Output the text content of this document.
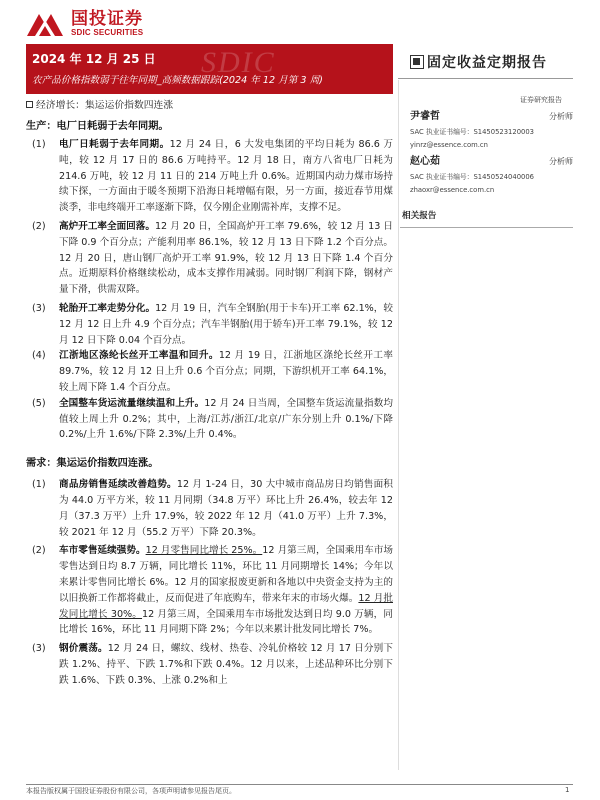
国投证券
SDIC SECURITIES
SDIC
2024 年 12 月 25 日
农产品价格指数弱于往年同期_高频数据跟踪(2024 年 12 月第 3 周)
固定收益定期报告
证券研究报告
尹睿哲	分析师
SAC 执业证书编号：S1450523120003
yinrz@essence.com.cn
赵心茹	分析师
SAC 执业证书编号：S1450524040006
zhaoxr@essence.com.cn
相关报告
经济增长：集运运价指数四连涨
生产：电厂日耗弱于去年同期。
(1)	电厂日耗弱于去年同期。12 月 24 日，6 大发电集团的平均日耗为 86.6 万吨，较 12 月 17 日的 86.6 万吨持平。12 月 18 日，南方八省电厂日耗为 214.6 万吨，较 12 月 11 日的 214 万吨上升 0.6%。近期国内动力煤市场持续下探，一方面由于暖冬预期下沿海日耗增幅有限，另一方面，接近春节用煤淡季，非电终端开工率逐渐下降，仅今刚企业刚需补库，支撑不足。
(2)	高炉开工率全面回落。12 月 20 日，全国高炉开工率 79.6%，较 12 月 13 日下降 0.9 个百分点；产能利用率 86.1%，较 12 月 13 日下降 1.2 个百分点。12 月 20 日，唐山钢厂高炉开工率 91.9%，较 12 月 13 日下降 1.4 个百分点。近期原料价格继续松动，成本支撑作用减弱。同时钢厂利润下降，钢材产量下滑，供需双降。
(3)	轮胎开工率走势分化。12 月 19 日，汽车全钢胎(用于卡车)开工率 62.1%，较 12 月 12 日上升 4.9 个百分点；汽车半钢胎(用于轿车)开工率 79.1%，较 12 月 12 日下降 0.04 个百分点。
(4)	江浙地区涤纶长丝开工率温和回升。12 月 19 日，江浙地区涤纶长丝开工率 89.7%，较 12 月 12 日上升 0.6 个百分点；同期，下游织机开工率 64.1%，较上周下降 1.4 个百分点。
(5)	全国整车货运流量继续温和上升。12 月 24 日当周，全国整车货运流量指数均值较上周上升 0.2%；其中，上海/江苏/浙江/北京/广东分别上升 0.1%/下降 0.2%/上升 1.6%/下降 2.3%/上升 0.4%。
需求：集运运价指数四连涨。
(1)	商品房销售延续改善趋势。12 月 1-24 日，30 大中城市商品房日均销售面积为 44.0 万平方米，较 11 月同期（34.8 万平）环比上升 26.4%，较去年 12 月（37.3 万平）上升 17.9%，较 2022 年 12 月（41.0 万平）上升 7.3%，较 2021 年 12 月（55.2 万平）下降 20.3%。
(2)	车市零售延续强势。12 月零售同比增长 25%。12 月第三周，全国乘用车市场零售达到日均 8.7 万辆，同比增长 11%，环比 11 月同期增长 14%；今年以来累计零售同比增长 6%。12 月的国家报废更新和各地以中央资金支持为主的以旧换新工作都将截止，反而促进了年底购车，带来年末的市场火爆。12 月批发同比增长 30%。12 月第三周，全国乘用车市场批发达到日均 9.0 万辆，同比增长 16%，环比 11 月同期下降 2%；今年以来累计批发同比增长 7%。
(3)	钢价震荡。12 月 24 日，螺纹、线材、热卷、冷轧价格较 12 月 17 日分别下跌 1.2%、持平、下跌 1.7%和下跌 0.4%。12 月以来，上述品种环比分别下跌 1.6%、下跌 0.3%、上涨 0.2%和上
本报告版权属于国投证券股份有限公司，各项声明请参见报告尾页。	1
